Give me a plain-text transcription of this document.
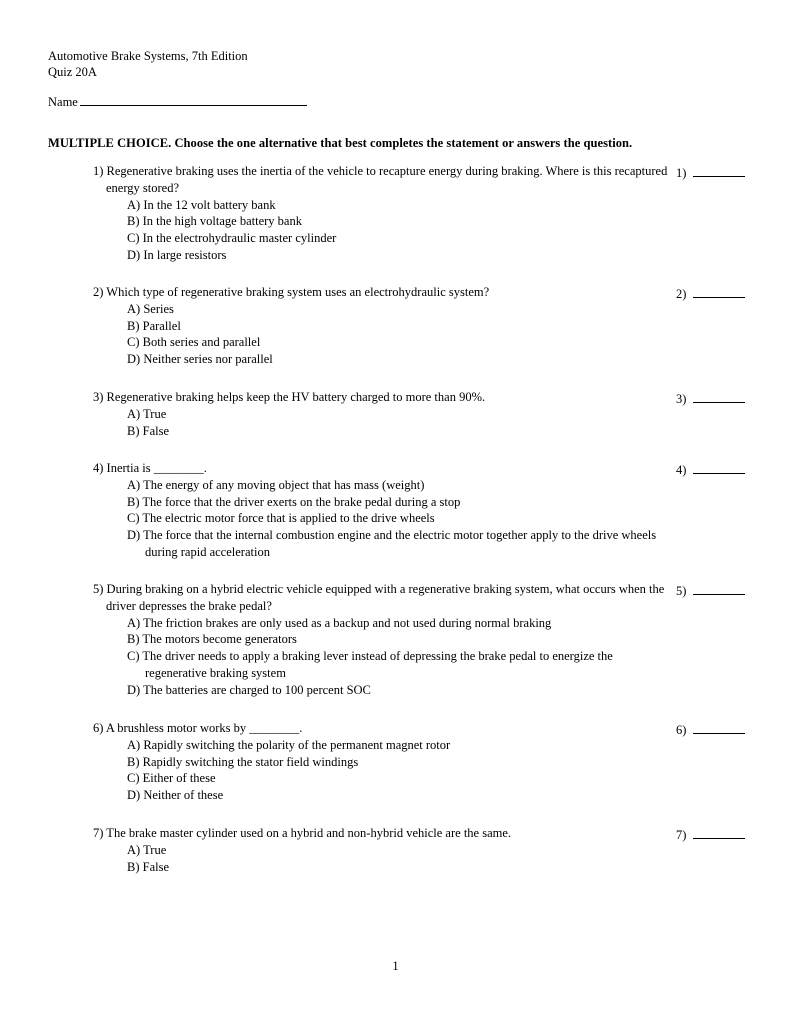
Automotive Brake Systems, 7th Edition
Quiz 20A
Name
MULTIPLE CHOICE. Choose the one alternative that best completes the statement or answers the question.
1) Regenerative braking uses the inertia of the vehicle to recapture energy during braking. Where is this recaptured energy stored?
A) In the 12 volt battery bank
B) In the high voltage battery bank
C) In the electrohydraulic master cylinder
D) In large resistors
1)
2) Which type of regenerative braking system uses an electrohydraulic system?
A) Series
B) Parallel
C) Both series and parallel
D) Neither series nor parallel
2)
3) Regenerative braking helps keep the HV battery charged to more than 90%.
A) True
B) False
3)
4) Inertia is ________.
A) The energy of any moving object that has mass (weight)
B) The force that the driver exerts on the brake pedal during a stop
C) The electric motor force that is applied to the drive wheels
D) The force that the internal combustion engine and the electric motor together apply to the drive wheels during rapid acceleration
4)
5) During braking on a hybrid electric vehicle equipped with a regenerative braking system, what occurs when the driver depresses the brake pedal?
A) The friction brakes are only used as a backup and not used during normal braking
B) The motors become generators
C) The driver needs to apply a braking lever instead of depressing the brake pedal to energize the regenerative braking system
D) The batteries are charged to 100 percent SOC
5)
6) A brushless motor works by ________.
A) Rapidly switching the polarity of the permanent magnet rotor
B) Rapidly switching the stator field windings
C) Either of these
D) Neither of these
6)
7) The brake master cylinder used on a hybrid and non-hybrid vehicle are the same.
A) True
B) False
7)
1
